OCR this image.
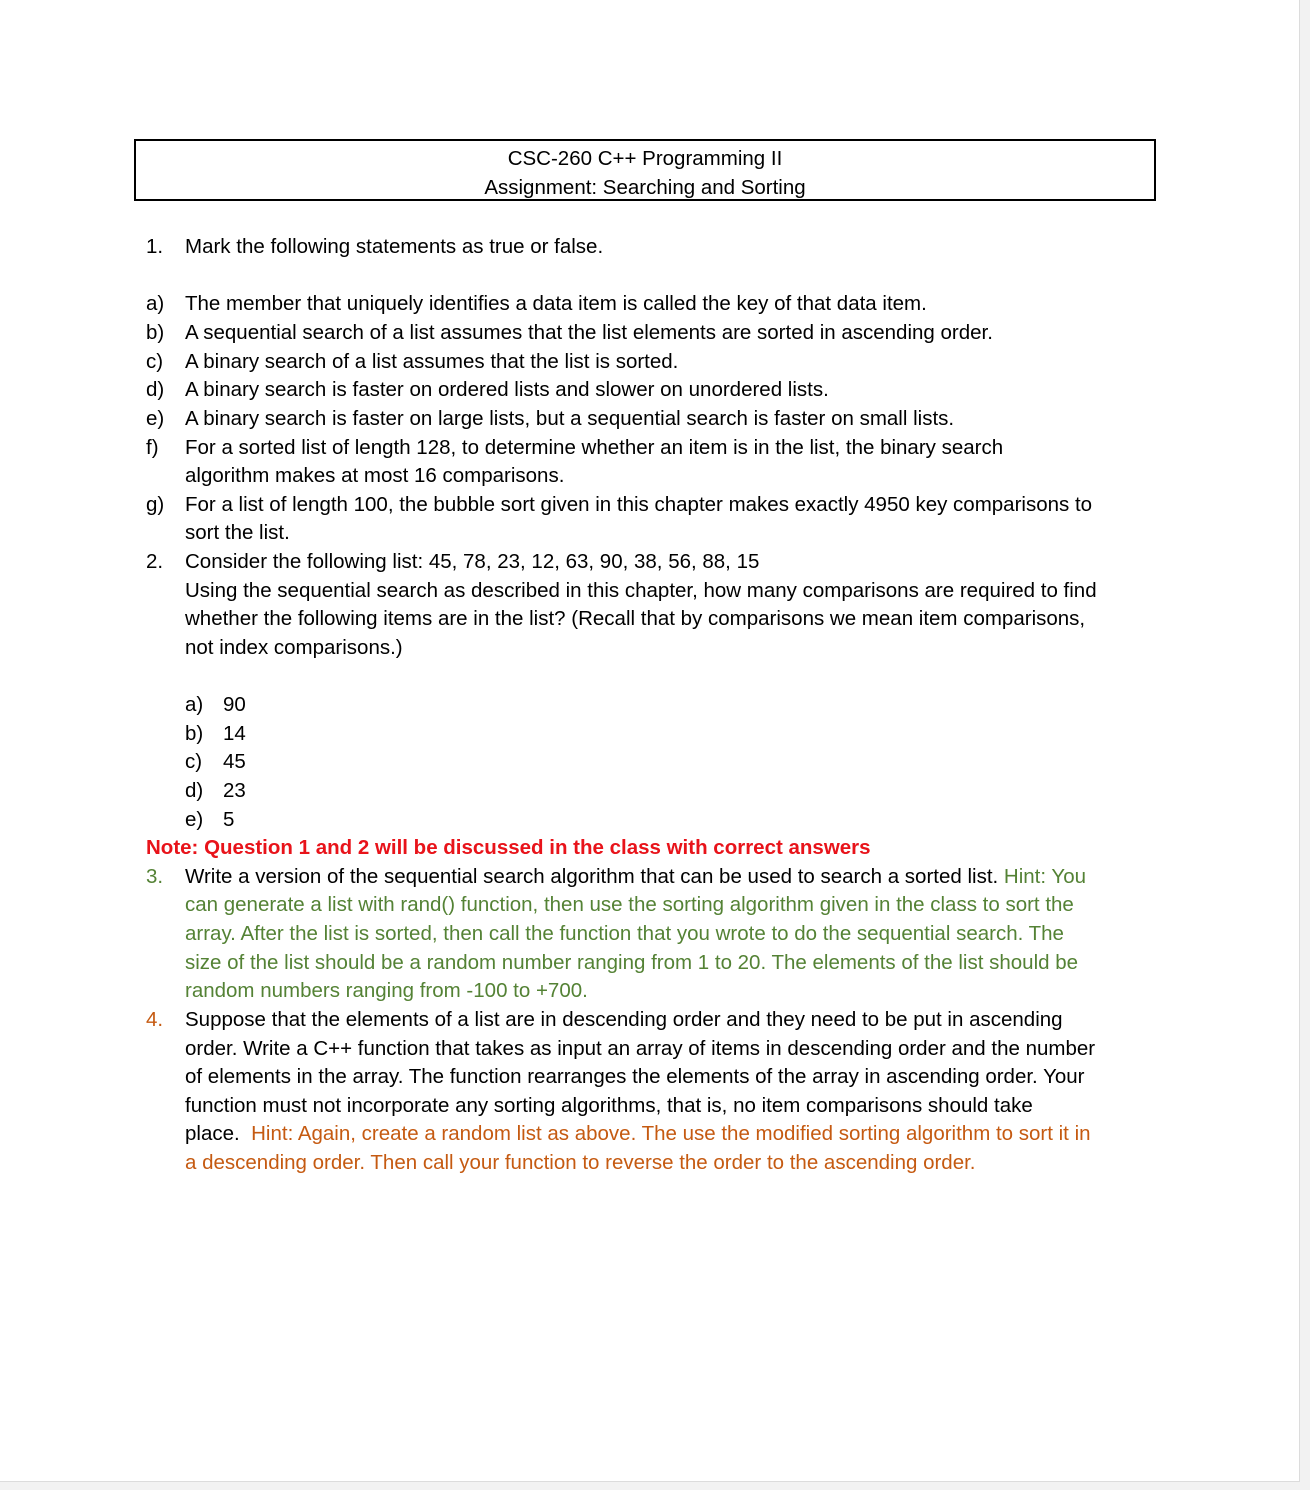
CSC-260 C++ Programming II
Assignment: Searching and Sorting
1. Mark the following statements as true or false.
a) The member that uniquely identifies a data item is called the key of that data item.
b) A sequential search of a list assumes that the list elements are sorted in ascending order.
c) A binary search of a list assumes that the list is sorted.
d) A binary search is faster on ordered lists and slower on unordered lists.
e) A binary search is faster on large lists, but a sequential search is faster on small lists.
f) For a sorted list of length 128, to determine whether an item is in the list, the binary search
algorithm makes at most 16 comparisons.
g) For a list of length 100, the bubble sort given in this chapter makes exactly 4950 key comparisons to
sort the list.
2. Consider the following list: 45, 78, 23, 12, 63, 90, 38, 56, 88, 15
Using the sequential search as described in this chapter, how many comparisons are required to find
whether the following items are in the list? (Recall that by comparisons we mean item comparisons,
not index comparisons.)
a) 90
b) 14
c) 45
d) 23
e) 5
Note: Question 1 and 2 will be discussed in the class with correct answers
3. Write a version of the sequential search algorithm that can be used to search a sorted list. Hint: You
can generate a list with rand() function, then use the sorting algorithm given in the class to sort the
array. After the list is sorted, then call the function that you wrote to do the sequential search. The
size of the list should be a random number ranging from 1 to 20. The elements of the list should be
random numbers ranging from -100 to +700.
4. Suppose that the elements of a list are in descending order and they need to be put in ascending
order. Write a C++ function that takes as input an array of items in descending order and the number
of elements in the array. The function rearranges the elements of the array in ascending order. Your
function must not incorporate any sorting algorithms, that is, no item comparisons should take
place.  Hint: Again, create a random list as above. The use the modified sorting algorithm to sort it in
a descending order. Then call your function to reverse the order to the ascending order.
